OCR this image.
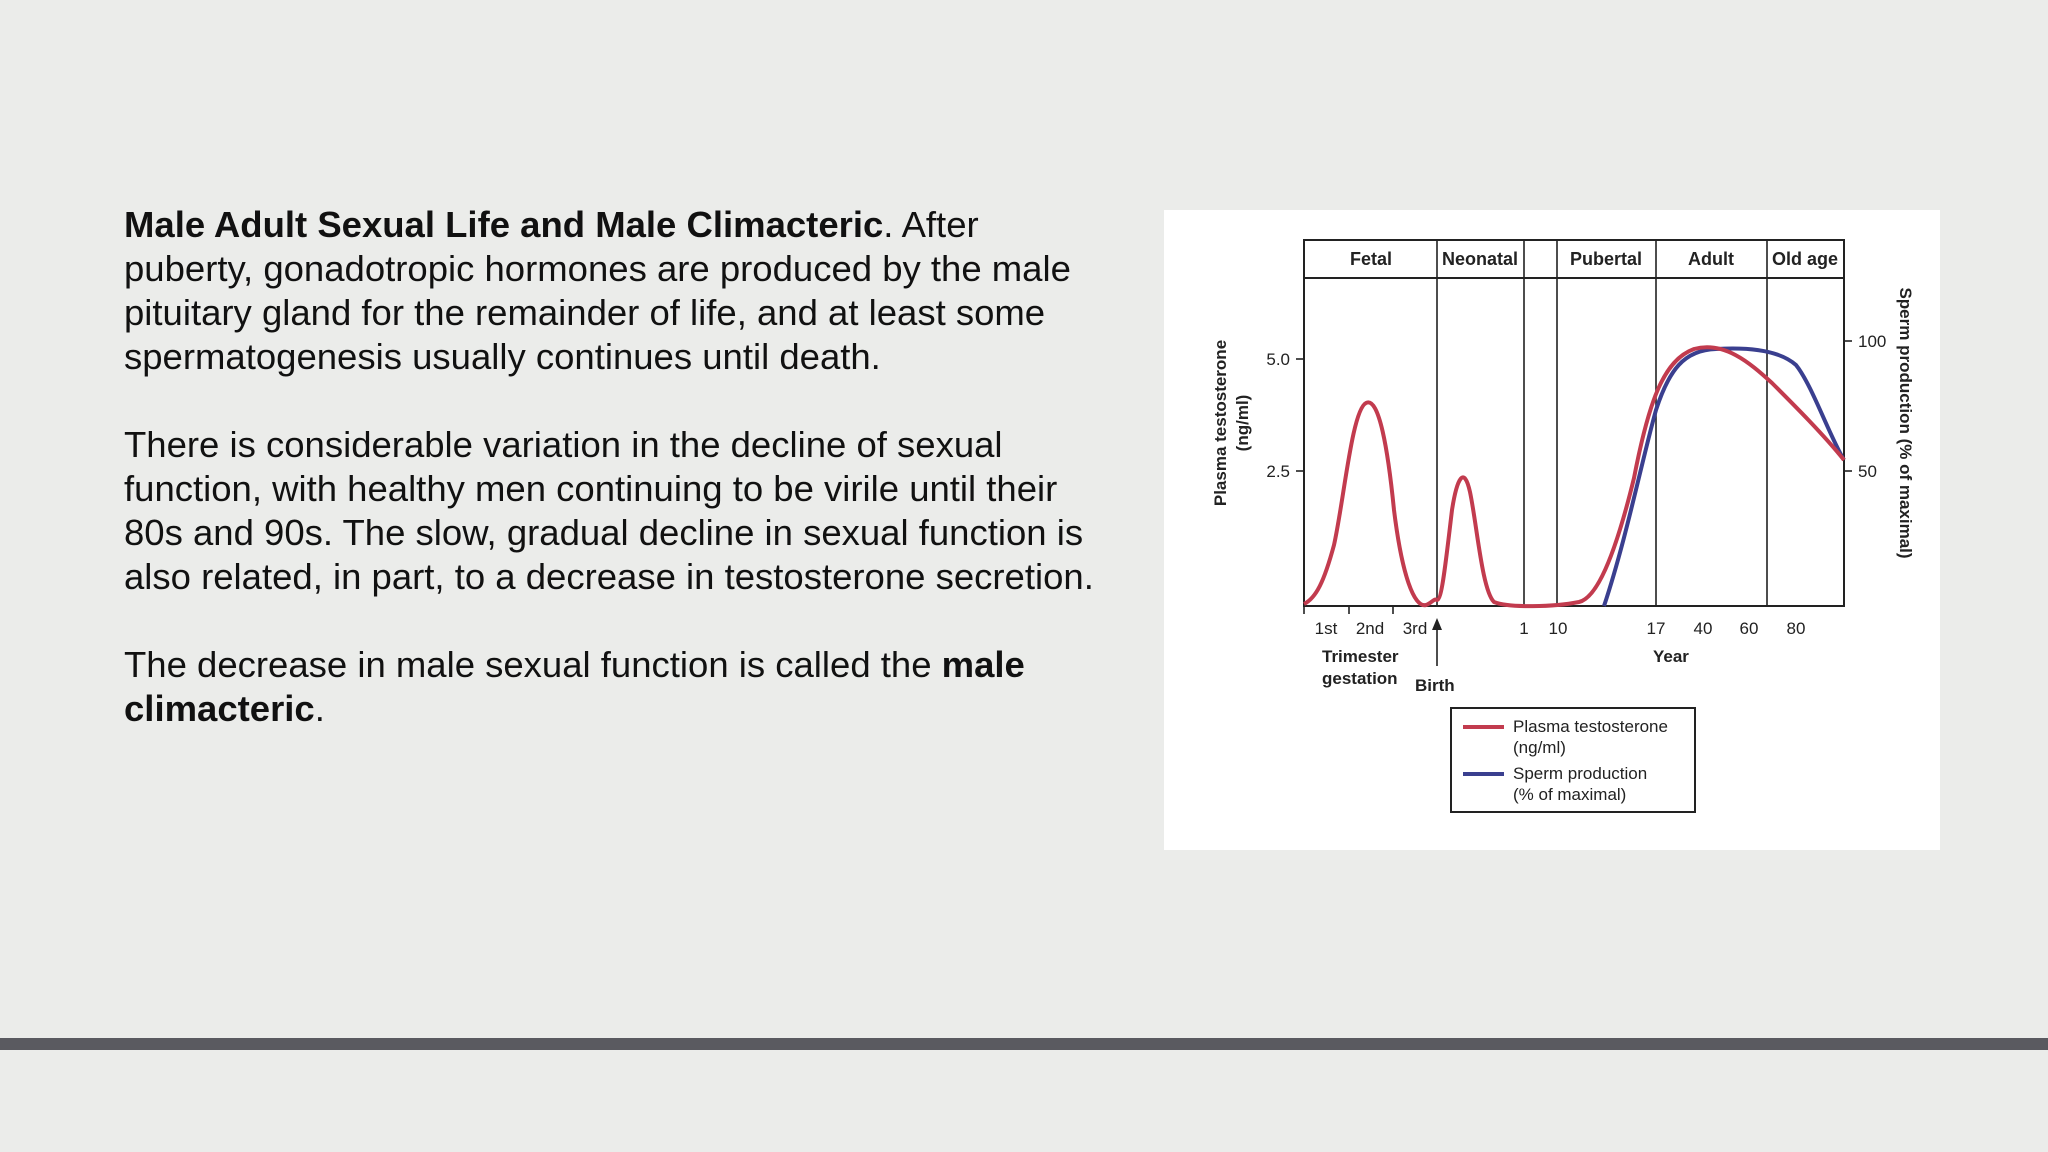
Male Adult Sexual Life and Male Climacteric. After puberty, gonadotropic hormones are produced by the male pituitary gland for the remainder of life, and at least some spermatogenesis usually continues until death.

There is considerable variation in the decline of sexual function, with healthy men continuing to be virile until their 80s and 90s. The slow, gradual decline in sexual function is also related, in part, to a decrease in testosterone secretion.

The decrease in male sexual function is called the male climacteric.

Fetal	Neonatal	Pubertal	Adult Old age
5.0
2.5
100
50
Plasma testosterone (ng/ml)	Sperm production (% of maximal)
1st 2nd 3rd	1 10	17 40 60 80
Trimester
gestation Birth
Year
Plasma testosterone
(ng/ml)
Sperm production
(% of maximal)
